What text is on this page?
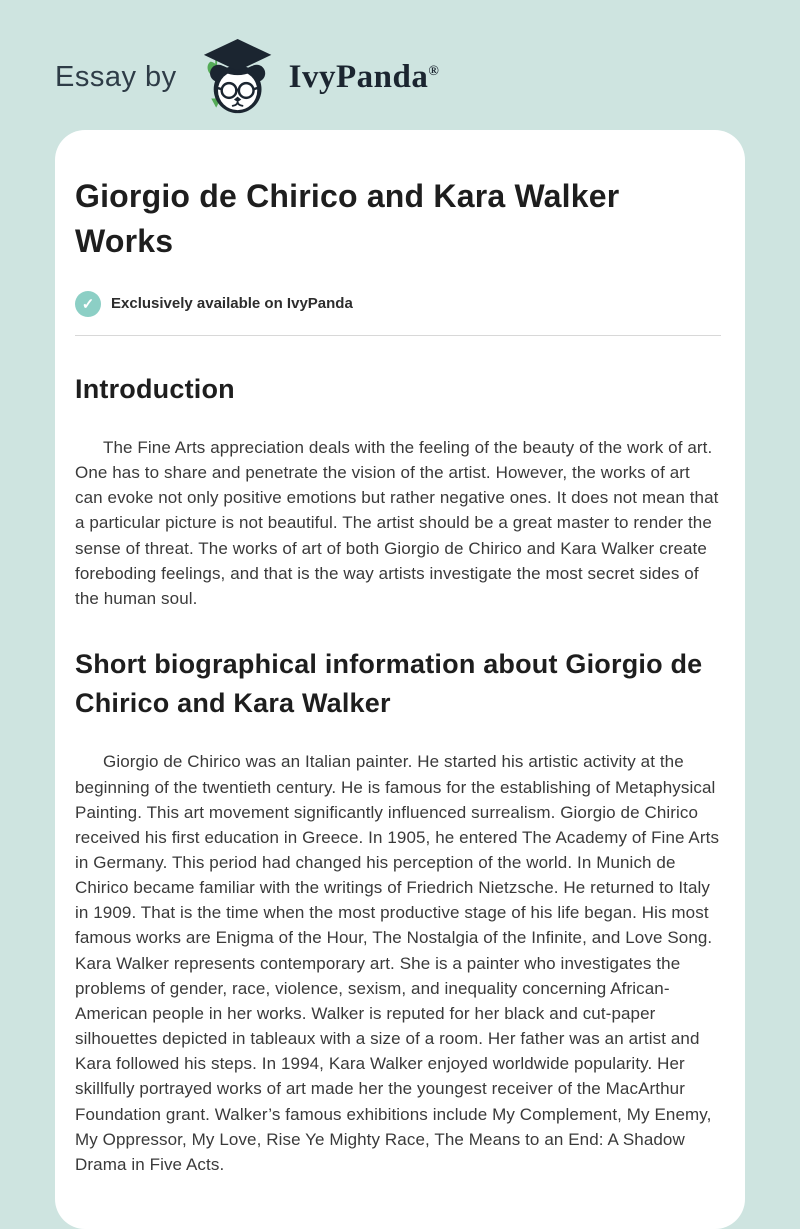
Essay by	IvyPanda®
Giorgio de Chirico and Kara Walker Works
✓	Exclusively available on IvyPanda
Introduction

The Fine Arts appreciation deals with the feeling of the beauty of the work of art. One has to share and penetrate the vision of the artist. However, the works of art can evoke not only positive emotions but rather negative ones. It does not mean that a particular picture is not beautiful. The artist should be a great master to render the sense of threat. The works of art of both Giorgio de Chirico and Kara Walker create foreboding feelings, and that is the way artists investigate the most secret sides of the human soul.

Short biographical information about Giorgio de Chirico and Kara Walker

Giorgio de Chirico was an Italian painter. He started his artistic activity at the beginning of the twentieth century. He is famous for the establishing of Metaphysical Painting. This art movement significantly influenced surrealism. Giorgio de Chirico received his first education in Greece. In 1905, he entered The Academy of Fine Arts in Germany. This period had changed his perception of the world. In Munich de Chirico became familiar with the writings of Friedrich Nietzsche. He returned to Italy in 1909. That is the time when the most productive stage of his life began. His most famous works are Enigma of the Hour, The Nostalgia of the Infinite, and Love Song. Kara Walker represents contemporary art. She is a painter who investigates the problems of gender, race, violence, sexism, and inequality concerning African-American people in her works. Walker is reputed for her black and cut-paper silhouettes depicted in tableaux with a size of a room. Her father was an artist and Kara followed his steps. In 1994, Kara Walker enjoyed worldwide popularity. Her skillfully portrayed works of art made her the youngest receiver of the MacArthur Foundation grant. Walker’s famous exhibitions include My Complement, My Enemy, My Oppressor, My Love, Rise Ye Mighty Race, The Means to an End: A Shadow Drama in Five Acts.
